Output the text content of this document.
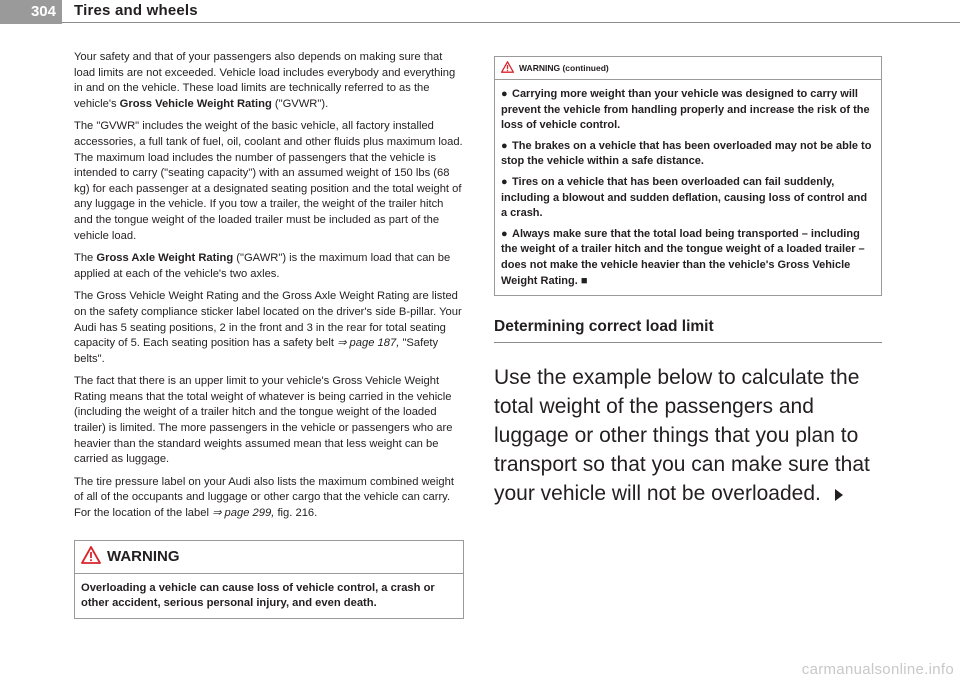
304	Tires and wheels

Your safety and that of your passengers also depends on making sure that load limits are not exceeded. Vehicle load includes everybody and everything in and on the vehicle. These load limits are technically referred to as the vehicle's Gross Vehicle Weight Rating ("GVWR").

The "GVWR" includes the weight of the basic vehicle, all factory installed accessories, a full tank of fuel, oil, coolant and other fluids plus maximum load. The maximum load includes the number of passengers that the vehicle is intended to carry ("seating capacity") with an assumed weight of 150 lbs (68 kg) for each passenger at a designated seating position and the total weight of any luggage in the vehicle. If you tow a trailer, the weight of the trailer hitch and the tongue weight of the loaded trailer must be included as part of the vehicle load.

The Gross Axle Weight Rating ("GAWR") is the maximum load that can be applied at each of the vehicle's two axles.

The Gross Vehicle Weight Rating and the Gross Axle Weight Rating are listed on the safety compliance sticker label located on the driver's side B-pillar. Your Audi has 5 seating positions, 2 in the front and 3 in the rear for total seating capacity of 5. Each seating position has a safety belt ⇒ page 187, "Safety belts".

The fact that there is an upper limit to your vehicle's Gross Vehicle Weight Rating means that the total weight of whatever is being carried in the vehicle (including the weight of a trailer hitch and the tongue weight of the loaded trailer) is limited. The more passengers in the vehicle or passengers who are heavier than the standard weights assumed mean that less weight can be carried as luggage.

The tire pressure label on your Audi also lists the maximum combined weight of all of the occupants and luggage or other cargo that the vehicle can carry. For the location of the label ⇒ page 299, fig. 216.

WARNING
Overloading a vehicle can cause loss of vehicle control, a crash or other accident, serious personal injury, and even death.
WARNING (continued)
● Carrying more weight than your vehicle was designed to carry will prevent the vehicle from handling properly and increase the risk of the loss of vehicle control.
● The brakes on a vehicle that has been overloaded may not be able to stop the vehicle within a safe distance.
● Tires on a vehicle that has been overloaded can fail suddenly, including a blowout and sudden deflation, causing loss of control and a crash.
● Always make sure that the total load being transported – including the weight of a trailer hitch and the tongue weight of a loaded trailer – does not make the vehicle heavier than the vehicle's Gross Vehicle Weight Rating. ■
Determining correct load limit
Use the example below to calculate the total weight of the passengers and luggage or other things that you plan to transport so that you can make sure that your vehicle will not be overloaded.
carmanualsonline.info
